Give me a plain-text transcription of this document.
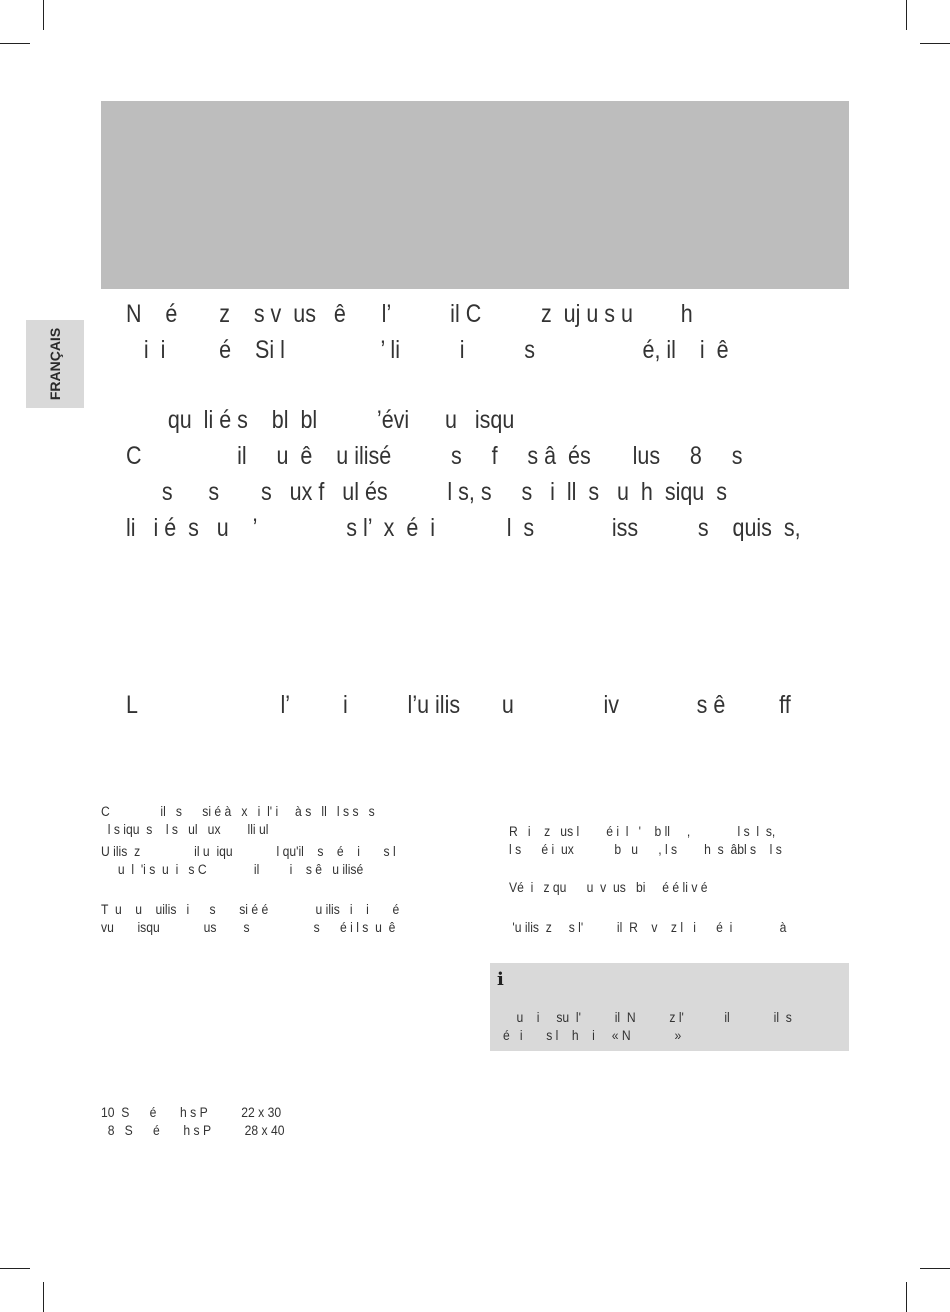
FRANÇAIS

N    é       z    s v  us   ê      l’          il C          z  uj u s u        h

i  i         é    Si l                ’ li          i          s                  é, il    i  ê

qu  li é s    bl  bl          ’évi      u   isqu

C                il     u  ê    u ilisé          s     f     s â  és       lus     8     s

s      s       s   ux f   ul és          l s, s     s   i  ll  s   u  h  siqu  s

li   i é  s   u    ’               s l’  x  é  i            l  s             iss          s    quis  s,

L                        l’         i          l’u ilis       u               iv             s ê         ff

C               il   s      si é à   x   i  l' i     à s   ll   l s s   s

l s iqu  s    l s   ul   ux        lli ul

U ilis  z                il u  iqu             l qu'il    s    é    i       s l

u  l  'i s  u  i   s C              il         i    s ê   u ilisé

T  u    u    uilis   i      s       si é é              u ilis   i    i       é

vu       isqu             us        s                   s      é i l s  u  ê

R   i    z   us l        é i  l   '    b ll     ,              l s  l  s,

l s      é i  ux            b   u      , l s        h  s  âbl s    l s

Vé  i   z qu      u  v  us   bi     é é li v é

'u ilis  z     s l'          il  R    v    z l   i      é  i              à

i

u    i     su  l'          il  N          z l'            il             il  s

é   i       s l    h    i     « N             »

10  S      é       h s P          22 x 30

8   S      é       h s P          28 x 40
